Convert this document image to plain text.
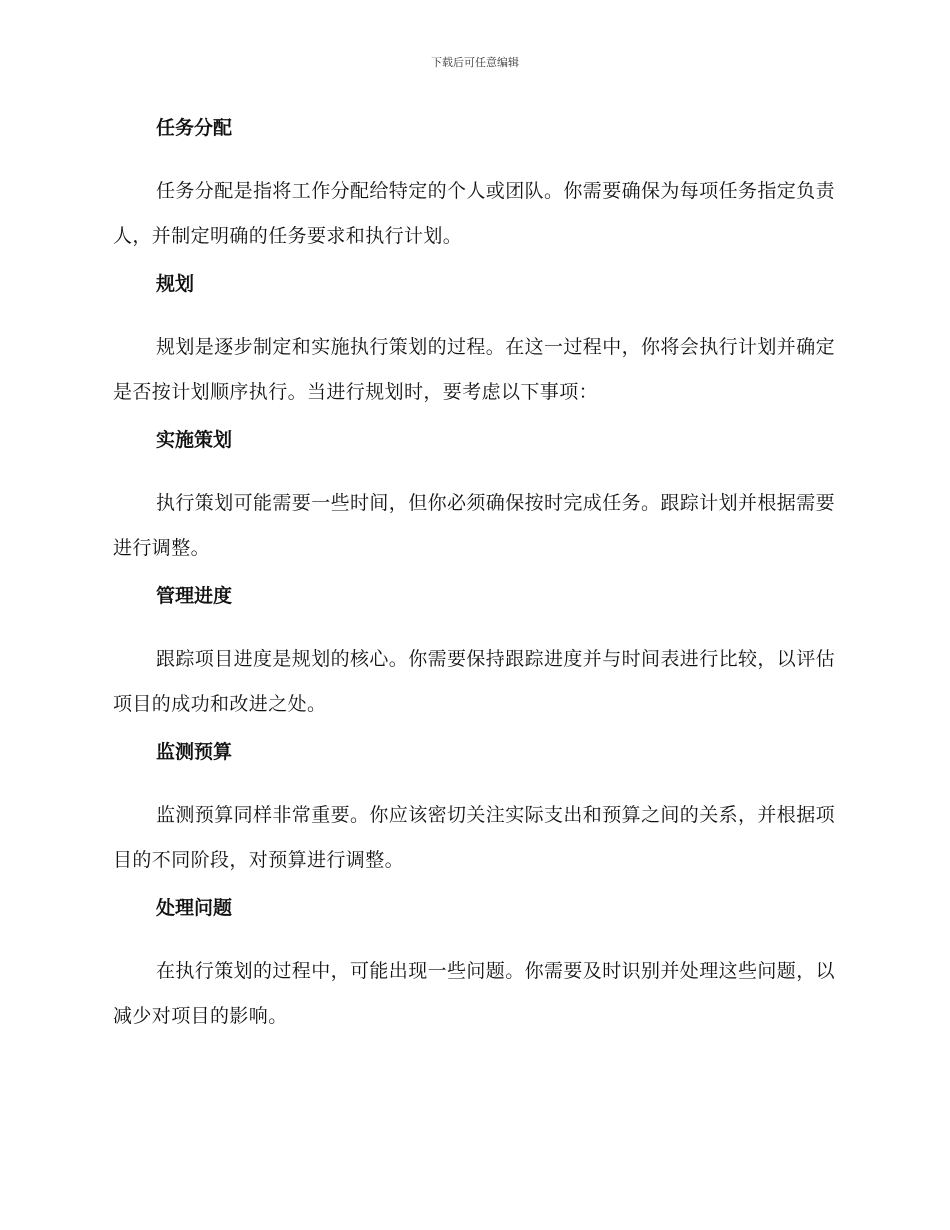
下载后可任意编辑
任务分配

任务分配是指将工作分配给特定的个人或团队。你需要确保为每项任务指定负责人，并制定明确的任务要求和执行计划。

规划

规划是逐步制定和实施执行策划的过程。在这一过程中，你将会执行计划并确定是否按计划顺序执行。当进行规划时，要考虑以下事项：

实施策划

执行策划可能需要一些时间，但你必须确保按时完成任务。跟踪计划并根据需要进行调整。

管理进度

跟踪项目进度是规划的核心。你需要保持跟踪进度并与时间表进行比较，以评估项目的成功和改进之处。

监测预算

监测预算同样非常重要。你应该密切关注实际支出和预算之间的关系，并根据项目的不同阶段，对预算进行调整。

处理问题

在执行策划的过程中，可能出现一些问题。你需要及时识别并处理这些问题，以减少对项目的影响。
